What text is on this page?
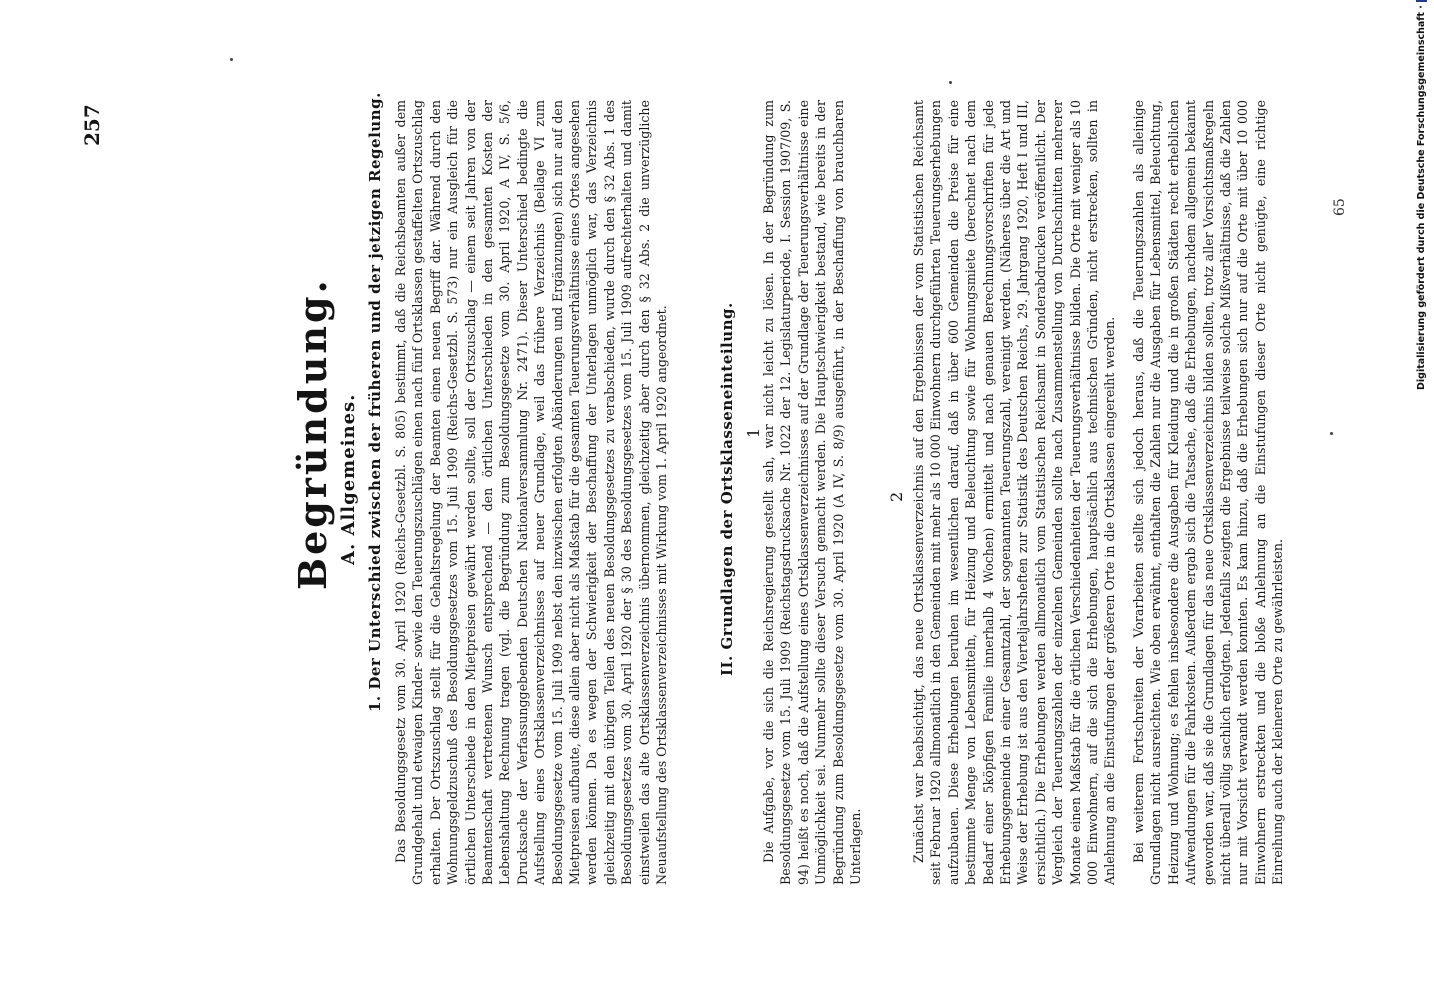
257
Begründung. A. Allgemeines. 1. Der Unterschied zwischen der früheren und der jetzigen Regelung. Das Besoldungsgesetz vom 30. April 1920 (Reichs-Gesetzbl. S. 805) bestimmt, daß die Reichsbeamten außer dem Grundgehalt und etwaigen Kinder- sowie den Teuerungszuschlägen einen nach fünf Ortsklassen gestaffelten Ortszuschlag erhalten. Der Ortszuschlag stellt für die Gehaltsregelung der Beamten einen neuen Begriff dar. Während durch den Wohnungsgeldzuschuß des Besoldungsgesetzes vom 15. Juli 1909 (Reichs-Gesetzbl. S. 573) nur ein Ausgleich für die örtlichen Unterschiede in den Mietpreisen gewährt werden sollte, soll der Ortszuschlag — einem seit Jahren von der Beamtenschaft vertretenen Wunsch entsprechend — den örtlichen Unterschieden in den gesamten Kosten der Lebenshaltung Rechnung tragen (vgl. die Begründung zum Besoldungsgesetze vom 30. April 1920, A IV, S. 5/6, Drucksache der Verfassunggebenden Deutschen Nationalversammlung Nr. 2471). Dieser Unterschied bedingte die Aufstellung eines Ortsklassenverzeichnisses auf neuer Grundlage, weil das frühere Verzeichnis (Beilage VI zum Besoldungsgesetze vom 15. Juli 1909 nebst den inzwischen erfolgten Abänderungen und Ergänzungen) sich nur auf den Mietpreisen aufbaute, diese allein aber nicht als Maßstab für die gesamten Teuerungsverhältnisse eines Ortes angesehen werden können. Da es wegen der Schwierigkeit der Beschaffung der Unterlagen unmöglich war, das Verzeichnis gleichzeitig mit den übrigen Teilen des neuen Besoldungsgesetzes zu verabschieden, wurde durch den § 32 Abs. 1 des Besoldungsgesetzes vom 30. April 1920 der § 30 des Besoldungsgesetzes vom 15. Juli 1909 aufrechterhalten und damit einstweilen das alte Ortsklassenverzeichnis übernommen, gleichzeitig aber durch den § 32 Abs. 2 die unverzügliche Neuaufstellung des Ortsklassenverzeichnisses mit Wirkung vom 1. April 1920 angeordnet.	II. Grundlagen der Ortsklasseneinteilung. 1

Die Aufgabe, vor die sich die Reichsregierung gestellt sah, war nicht leicht zu lösen. In der Begründung zum Besoldungsgesetze vom 15. Juli 1909 (Reichstagsdrucksache Nr. 1022 der 12. Legislaturperiode, I. Session 1907/09, S. 94) heißt es noch, daß die Aufstellung eines Ortsklassenverzeichnisses auf der Grundlage der Teuerungsverhältnisse eine Unmöglichkeit sei. Nunmehr sollte dieser Versuch gemacht werden. Die Hauptschwierigkeit bestand, wie bereits in der Begründung zum Besoldungsgesetze vom 30. April 1920 (A IV, S. 8/9) ausgeführt, in der Beschaffung von brauchbaren Unterlagen.

2 Zunächst war beabsichtigt, das neue Ortsklassenverzeichnis auf den Ergebnissen der vom Statistischen Reichsamt seit Februar 1920 allmonatlich in den Gemeinden mit mehr als 10 000 Einwohnern durchgeführten Teuerungserhebungen aufzubauen. Diese Erhebungen beruhen im wesentlichen darauf, daß in über 600 Gemeinden die Preise für eine bestimmte Menge von Lebensmitteln, für Heizung und Beleuchtung sowie für Wohnungsmiete (berechnet nach dem Bedarf einer 5köpfigen Familie innerhalb 4 Wochen) ermittelt und nach genauen Berechnungsvorschriften für jede Erhebungsgemeinde in einer Gesamtzahl, der sogenannten Teuerungszahl, vereinigt werden. (Näheres über die Art und Weise der Erhebung ist aus den Vierteljahrsheften zur Statistik des Deutschen Reichs, 29. Jahrgang 1920, Heft I und III, ersichtlich.) Die Erhebungen werden allmonatlich vom Statistischen Reichsamt in Sonderabdrucken veröffentlicht. Der Vergleich der Teuerungszahlen der einzelnen Gemeinden sollte nach Zusammenstellung von Durchschnitten mehrerer Monate einen Maßstab für die örtlichen Verschiedenheiten der Teuerungsverhältnisse bilden. Die Orte mit weniger als 10 000 Einwohnern, auf die sich die Erhebungen, hauptsächlich aus technischen Gründen, nicht erstrecken, sollten in Anlehnung an die Einstufungen der größeren Orte in die Ortsklassen eingereiht werden. Bei weiterem Fortschreiten der Vorarbeiten stellte sich jedoch heraus, daß die Teuerungszahlen als alleinige Grundlagen nicht ausreichten. Wie oben erwähnt, enthalten die Zahlen nur die Ausgaben für Lebensmittel, Beleuchtung, Heizung und Wohnung; es fehlen insbesondere die Ausgaben für Kleidung und die in großen Städten recht erheblichen Aufwendungen für die Fahrkosten. Außerdem ergab sich die Tatsache, daß die Erhebungen, nachdem allgemein bekannt geworden war, daß sie die Grundlagen für das neue Ortsklassenverzeichnis bilden sollten, trotz aller Vorsichtsmaßregeln nicht überall völlig sachlich erfolgten. Jedenfalls zeigten die Ergebnisse teilweise solche Mißverhältnisse, daß die Zahlen nur mit Vorsicht verwandt werden konnten. Es kam hinzu, daß die Erhebungen sich nur auf die Orte mit über 10 000 Einwohnern erstreckten und die bloße Anlehnung an die Einstufungen dieser Orte nicht genügte, eine richtige Einreihung auch der kleineren Orte zu gewährleisten.

65	Digitalisierung gefördert durch die Deutsche Forschungsgemeinschaft ·
